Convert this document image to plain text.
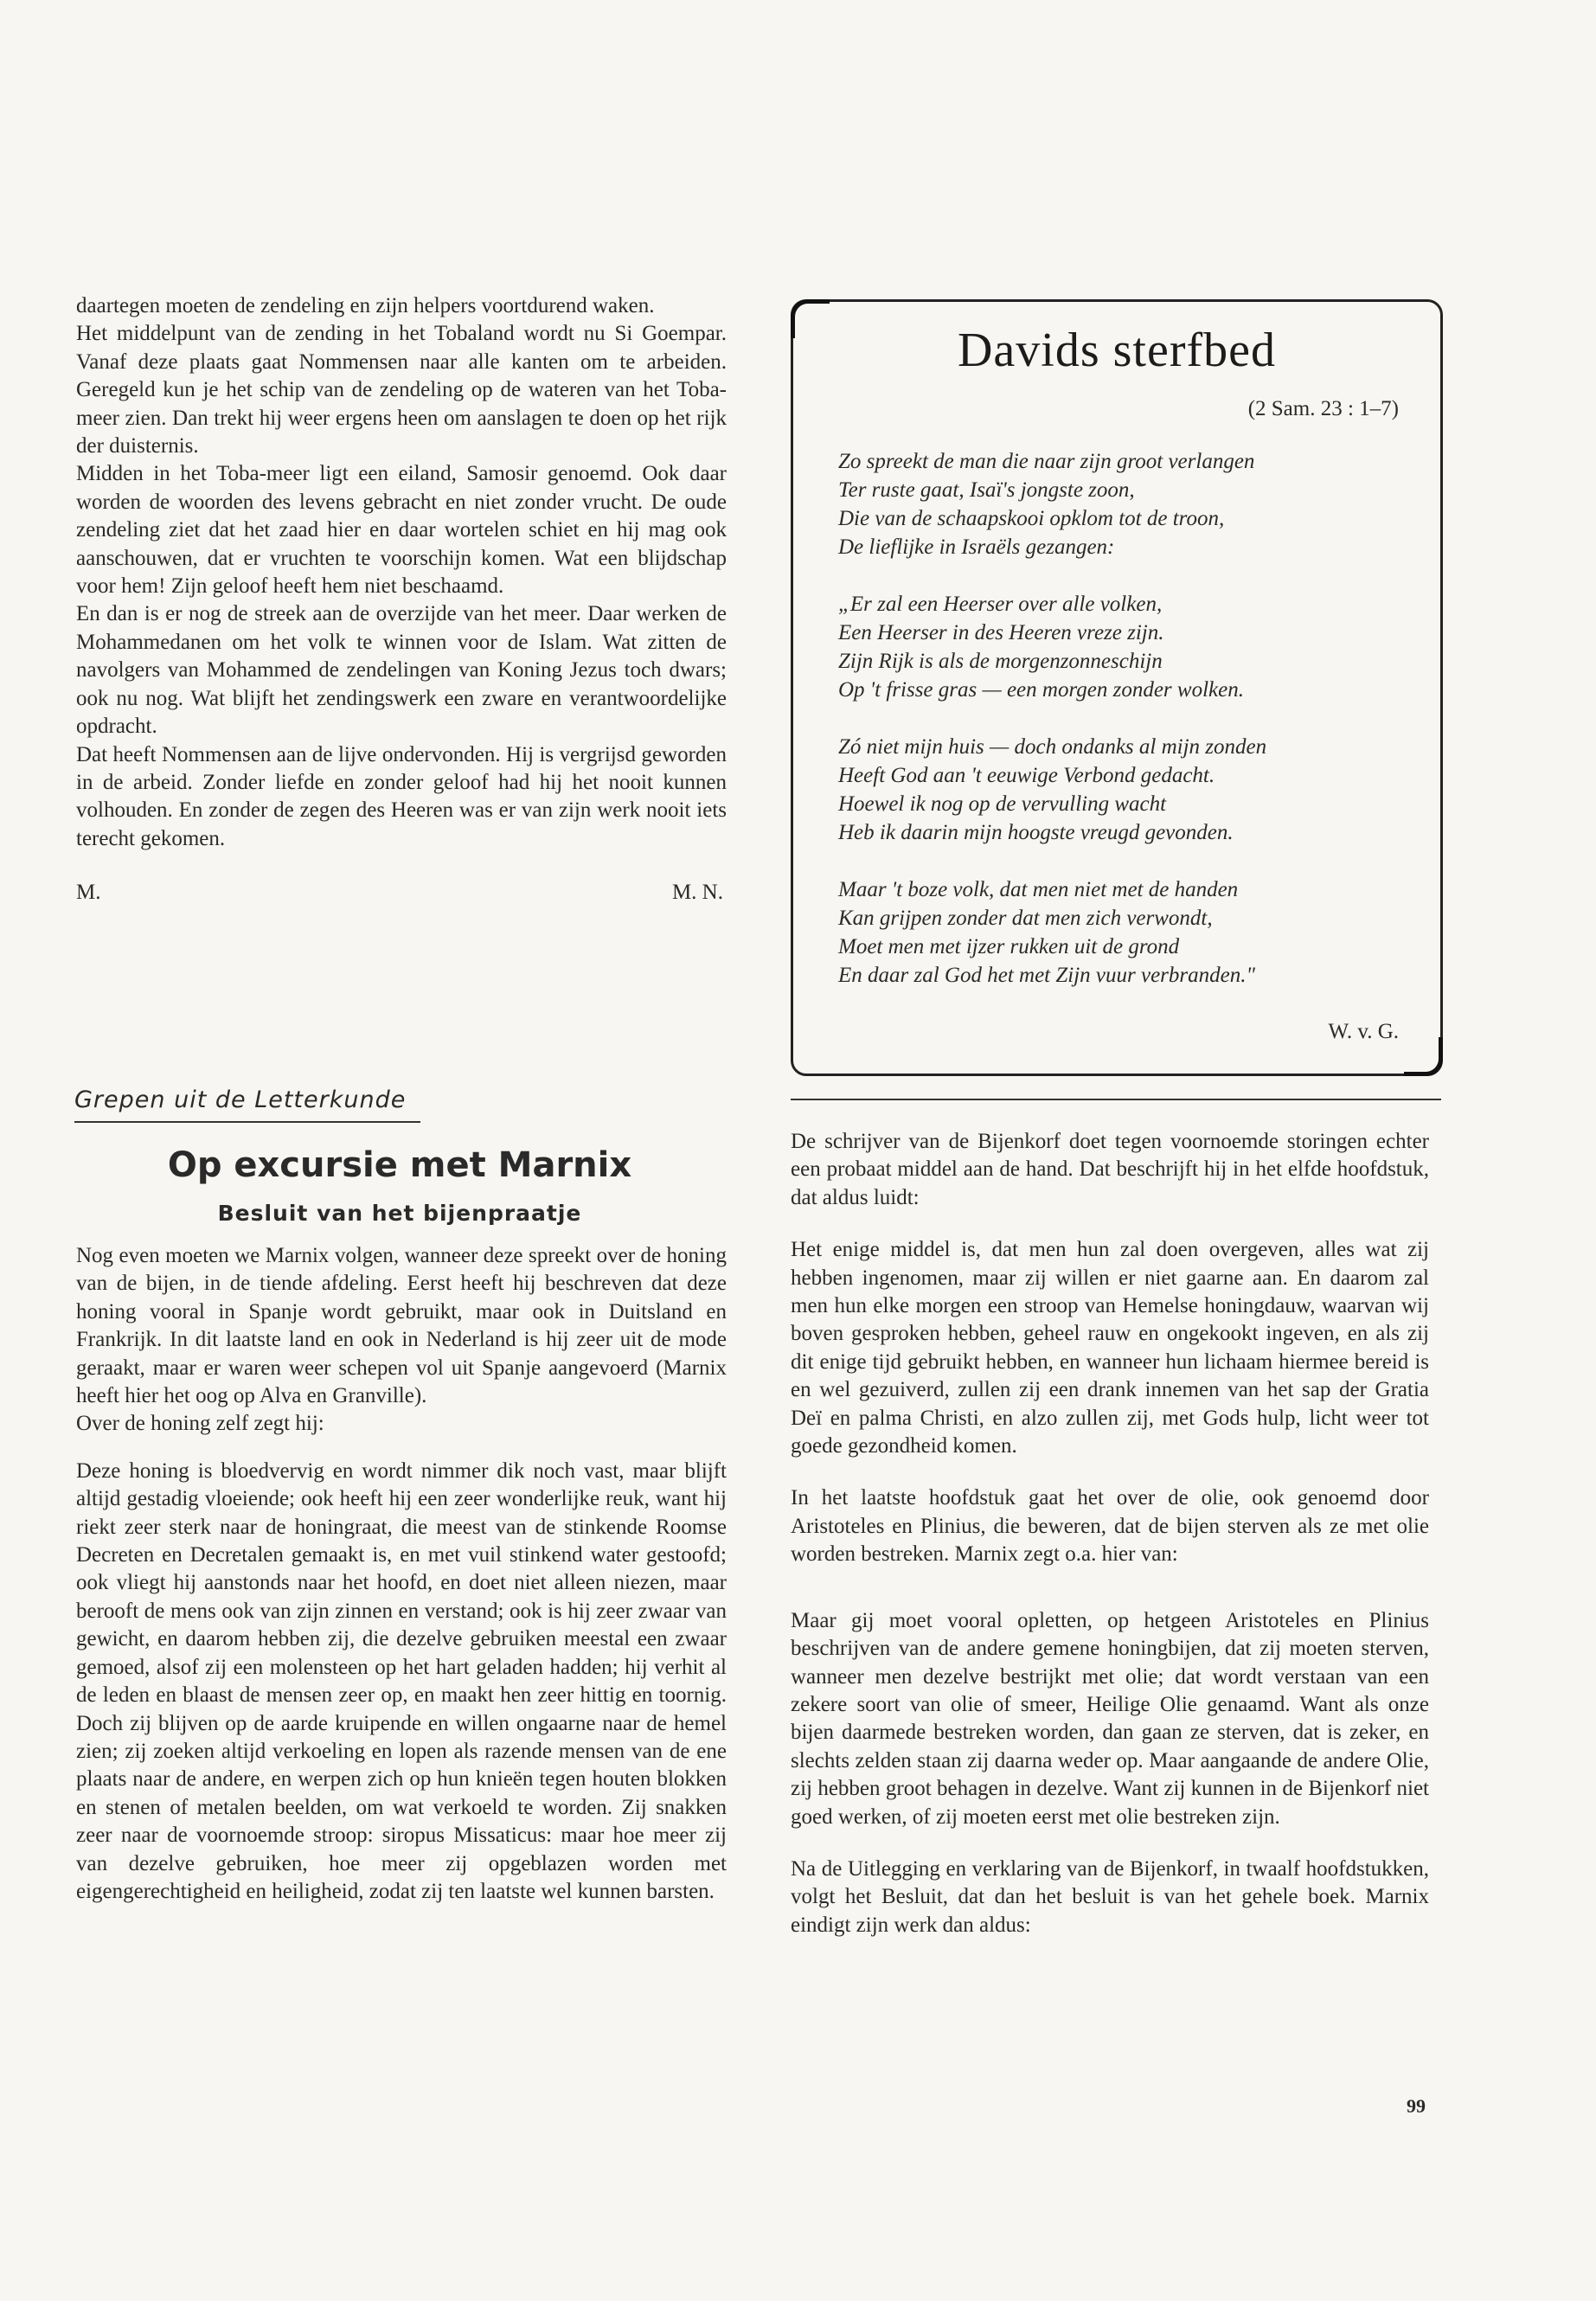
daartegen moeten de zendeling en zijn helpers voortdurend waken.

Het middelpunt van de zending in het Tobaland wordt nu Si Goempar. Vanaf deze plaats gaat Nommensen naar alle kanten om te arbeiden. Geregeld kun je het schip van de zendeling op de wateren van het Toba-meer zien. Dan trekt hij weer ergens heen om aanslagen te doen op het rijk der duisternis.

Midden in het Toba-meer ligt een eiland, Samosir genoemd. Ook daar worden de woorden des levens gebracht en niet zonder vrucht. De oude zendeling ziet dat het zaad hier en daar wortelen schiet en hij mag ook aanschouwen, dat er vruchten te voorschijn komen. Wat een blijdschap voor hem! Zijn geloof heeft hem niet beschaamd.

En dan is er nog de streek aan de overzijde van het meer. Daar werken de Mohammedanen om het volk te winnen voor de Islam. Wat zitten de navolgers van Mohammed de zendelingen van Koning Jezus toch dwars; ook nu nog. Wat blijft het zendingswerk een zware en verantwoordelijke opdracht.

Dat heeft Nommensen aan de lijve ondervonden. Hij is vergrijsd geworden in de arbeid. Zonder liefde en zonder geloof had hij het nooit kunnen volhouden. En zonder de zegen des Heeren was er van zijn werk nooit iets terecht gekomen.

M.	M. N.
Davids sterfbed
(2 Sam. 23 : 1–7)

Zo spreekt de man die naar zijn groot verlangen

Ter ruste gaat, Isaï's jongste zoon,

Die van de schaapskooi opklom tot de troon,

De lieflijke in Israëls gezangen:

„Er zal een Heerser over alle volken,

Een Heerser in des Heeren vreze zijn.

Zijn Rijk is als de morgenzonneschijn

Op 't frisse gras — een morgen zonder wolken.

Zó niet mijn huis — doch ondanks al mijn zonden

Heeft God aan 't eeuwige Verbond gedacht.

Hoewel ik nog op de vervulling wacht

Heb ik daarin mijn hoogste vreugd gevonden.

Maar 't boze volk, dat men niet met de handen

Kan grijpen zonder dat men zich verwondt,

Moet men met ijzer rukken uit de grond

En daar zal God het met Zijn vuur verbranden."

W. v. G.
Grepen uit de Letterkunde
Op excursie met Marnix
Besluit van het bijenpraatje

Nog even moeten we Marnix volgen, wanneer deze spreekt over de honing van de bijen, in de tiende afdeling. Eerst heeft hij beschreven dat deze honing vooral in Spanje wordt gebruikt, maar ook in Duitsland en Frankrijk. In dit laatste land en ook in Nederland is hij zeer uit de mode geraakt, maar er waren weer schepen vol uit Spanje aangevoerd (Marnix heeft hier het oog op Alva en Granville).

Over de honing zelf zegt hij:

Deze honing is bloedvervig en wordt nimmer dik noch vast, maar blijft altijd gestadig vloeiende; ook heeft hij een zeer wonderlijke reuk, want hij riekt zeer sterk naar de honingraat, die meest van de stinkende Roomse Decreten en Decretalen gemaakt is, en met vuil stinkend water gestoofd; ook vliegt hij aanstonds naar het hoofd, en doet niet alleen niezen, maar berooft de mens ook van zijn zinnen en verstand; ook is hij zeer zwaar van gewicht, en daarom hebben zij, die dezelve gebruiken meestal een zwaar gemoed, alsof zij een molensteen op het hart geladen hadden; hij verhit al de leden en blaast de mensen zeer op, en maakt hen zeer hittig en toornig. Doch zij blijven op de aarde kruipende en willen ongaarne naar de hemel zien; zij zoeken altijd verkoeling en lopen als razende mensen van de ene plaats naar de andere, en werpen zich op hun knieën tegen houten blokken en stenen of metalen beelden, om wat verkoeld te worden. Zij snakken zeer naar de voornoemde stroop: siropus Missaticus: maar hoe meer zij van dezelve gebruiken, hoe meer zij opgeblazen worden met eigengerechtigheid en heiligheid, zodat zij ten laatste wel kunnen barsten.

De schrijver van de Bijenkorf doet tegen voornoemde storingen echter een probaat middel aan de hand. Dat beschrijft hij in het elfde hoofdstuk, dat aldus luidt:

Het enige middel is, dat men hun zal doen overgeven, alles wat zij hebben ingenomen, maar zij willen er niet gaarne aan. En daarom zal men hun elke morgen een stroop van Hemelse honingdauw, waarvan wij boven gesproken hebben, geheel rauw en ongekookt ingeven, en als zij dit enige tijd gebruikt hebben, en wanneer hun lichaam hiermee bereid is en wel gezuiverd, zullen zij een drank innemen van het sap der Gratia Deï en palma Christi, en alzo zullen zij, met Gods hulp, licht weer tot goede gezondheid komen.

In het laatste hoofdstuk gaat het over de olie, ook genoemd door Aristoteles en Plinius, die beweren, dat de bijen sterven als ze met olie worden bestreken. Marnix zegt o.a. hier van:

Maar gij moet vooral opletten, op hetgeen Aristoteles en Plinius beschrijven van de andere gemene honingbijen, dat zij moeten sterven, wanneer men dezelve bestrijkt met olie; dat wordt verstaan van een zekere soort van olie of smeer, Heilige Olie genaamd. Want als onze bijen daarmede bestreken worden, dan gaan ze sterven, dat is zeker, en slechts zelden staan zij daarna weder op. Maar aangaande de andere Olie, zij hebben groot behagen in dezelve. Want zij kunnen in de Bijenkorf niet goed werken, of zij moeten eerst met olie bestreken zijn.

Na de Uitlegging en verklaring van de Bijenkorf, in twaalf hoofdstukken, volgt het Besluit, dat dan het besluit is van het gehele boek. Marnix eindigt zijn werk dan aldus:

99
